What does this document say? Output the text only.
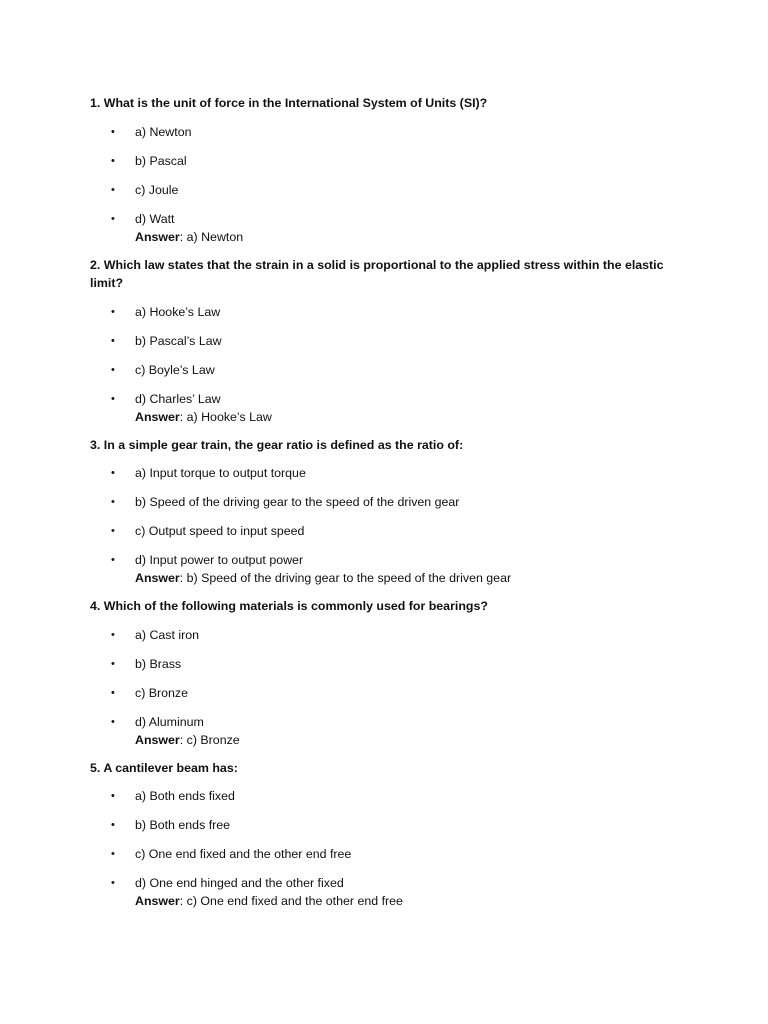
1. What is the unit of force in the International System of Units (SI)?

• a) Newton
• b) Pascal
• c) Joule
• d) Watt

Answer: a) Newton

2. Which law states that the strain in a solid is proportional to the applied stress within the elastic limit?

• a) Hooke’s Law
• b) Pascal’s Law
• c) Boyle’s Law
• d) Charles’ Law

Answer: a) Hooke’s Law

3. In a simple gear train, the gear ratio is defined as the ratio of:

• a) Input torque to output torque
• b) Speed of the driving gear to the speed of the driven gear
• c) Output speed to input speed
• d) Input power to output power

Answer: b) Speed of the driving gear to the speed of the driven gear

4. Which of the following materials is commonly used for bearings?

• a) Cast iron
• b) Brass
• c) Bronze
• d) Aluminum

Answer: c) Bronze

5. A cantilever beam has:

• a) Both ends fixed
• b) Both ends free
• c) One end fixed and the other end free
• d) One end hinged and the other fixed

Answer: c) One end fixed and the other end free
